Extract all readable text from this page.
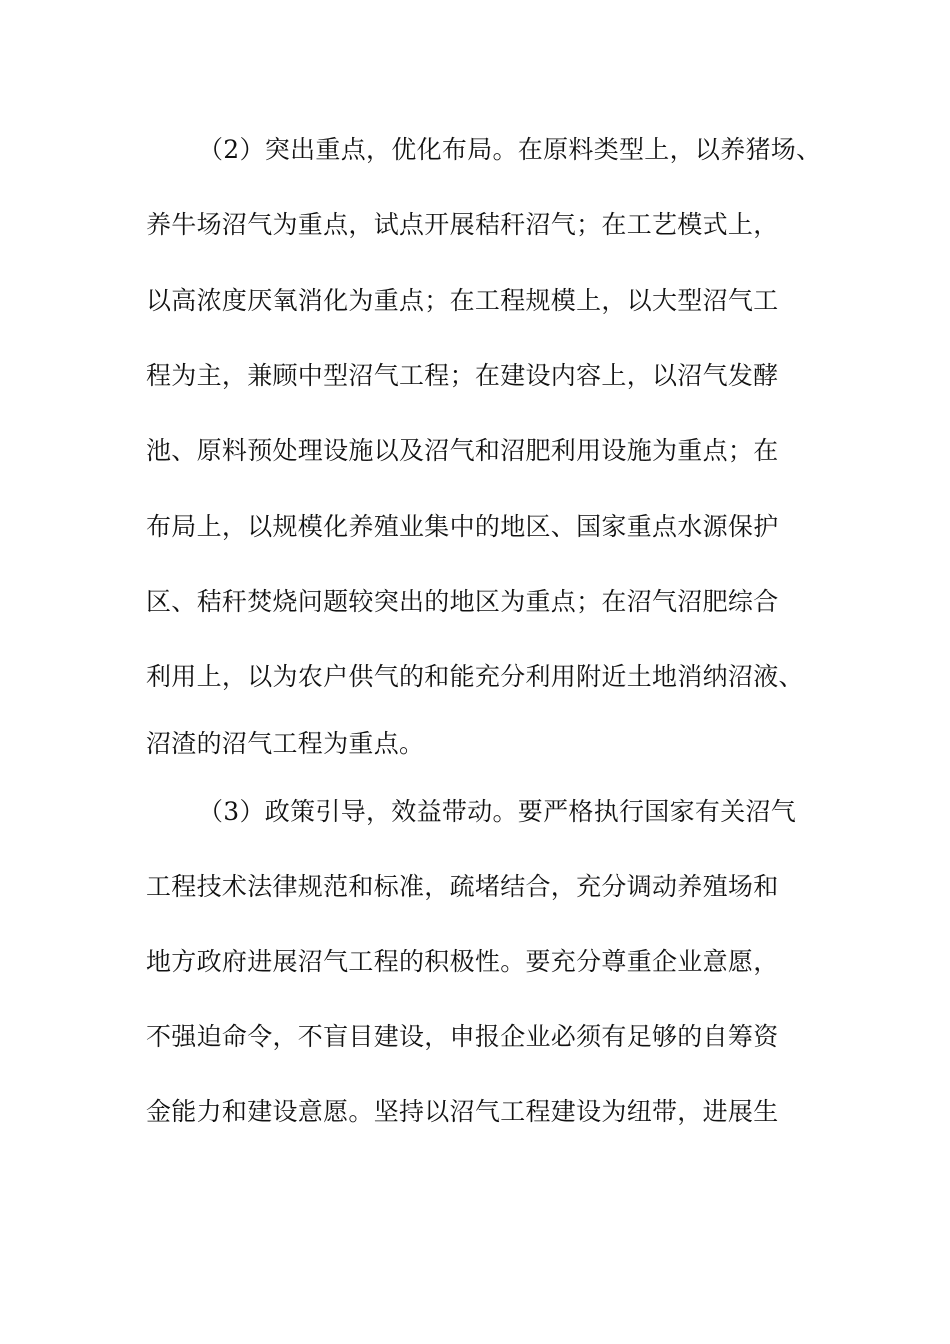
（2）突出重点，优化布局。在原料类型上，以养猪场、
养牛场沼气为重点，试点开展秸秆沼气；在工艺模式上，
以高浓度厌氧消化为重点；在工程规模上，以大型沼气工
程为主，兼顾中型沼气工程；在建设内容上，以沼气发酵
池、原料预处理设施以及沼气和沼肥利用设施为重点；在
布局上，以规模化养殖业集中的地区、国家重点水源保护
区、秸秆焚烧问题较突出的地区为重点；在沼气沼肥综合
利用上，以为农户供气的和能充分利用附近土地消纳沼液、
沼渣的沼气工程为重点。
（3）政策引导，效益带动。要严格执行国家有关沼气
工程技术法律规范和标准，疏堵结合，充分调动养殖场和
地方政府进展沼气工程的积极性。要充分尊重企业意愿，
不强迫命令，不盲目建设，申报企业必须有足够的自筹资
金能力和建设意愿。坚持以沼气工程建设为纽带，进展生
